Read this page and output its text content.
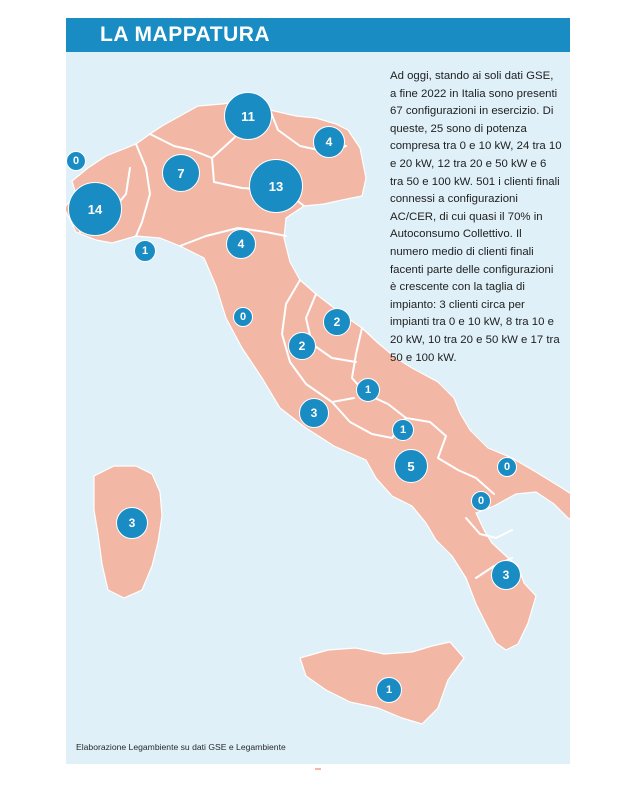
LA MAPPATURA
0
14
1
7
11
4
13
4
0	2
2
1
3
1
5	0
0
3
1
3
Ad oggi, stando ai soli dati GSE, a fine 2022 in Italia sono presenti 67 configurazioni in esercizio. Di queste, 25 sono di potenza compresa tra 0 e 10 kW, 24 tra 10 e 20 kW, 12 tra 20 e 50 kW e 6 tra 50 e 100 kW. 501 i clienti finali connessi a configurazioni AC/CER, di cui quasi il 70% in Autoconsumo Collettivo. Il numero medio di clienti finali facenti parte delle configurazioni è crescente con la taglia di impianto: 3 clienti circa per impianti tra 0 e 10 kW, 8 tra 10 e 20 kW, 10 tra 20 e 50 kW e 17 tra 50 e 100 kW.
Elaborazione Legambiente su dati GSE e Legambiente
